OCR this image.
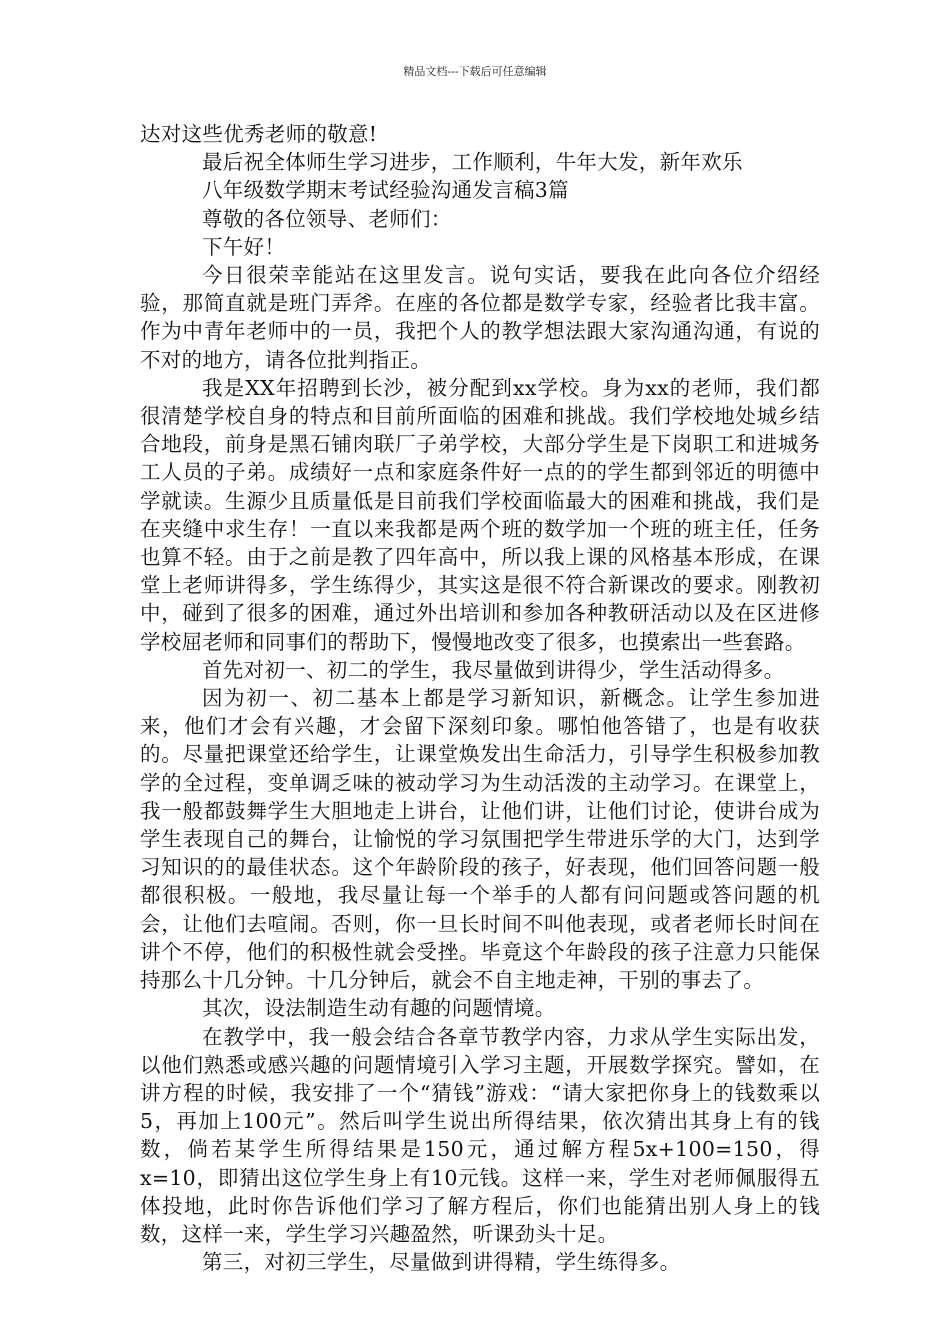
精品文档---下载后可任意编辑

达对这些优秀老师的敬意!

最后祝全体师生学习进步，工作顺利，牛年大发，新年欢乐

八年级数学期末考试经验沟通发言稿3篇

尊敬的各位领导、老师们：

下午好！

今日很荣幸能站在这里发言。说句实话，要我在此向各位介绍经验，那简直就是班门弄斧。在座的各位都是数学专家，经验者比我丰富。作为中青年老师中的一员，我把个人的教学想法跟大家沟通沟通，有说的不对的地方，请各位批判指正。

我是XX年招聘到长沙，被分配到xx学校。身为xx的老师，我们都很清楚学校自身的特点和目前所面临的困难和挑战。我们学校地处城乡结合地段，前身是黑石铺肉联厂子弟学校，大部分学生是下岗职工和进城务工人员的子弟。成绩好一点和家庭条件好一点的的学生都到邻近的明德中学就读。生源少且质量低是目前我们学校面临最大的困难和挑战，我们是在夹缝中求生存！一直以来我都是两个班的数学加一个班的班主任，任务也算不轻。由于之前是教了四年高中，所以我上课的风格基本形成，在课堂上老师讲得多，学生练得少，其实这是很不符合新课改的要求。刚教初中，碰到了很多的困难，通过外出培训和参加各种教研活动以及在区进修学校屈老师和同事们的帮助下，慢慢地改变了很多，也摸索出一些套路。

首先对初一、初二的学生，我尽量做到讲得少，学生活动得多。

因为初一、初二基本上都是学习新知识，新概念。让学生参加进来，他们才会有兴趣，才会留下深刻印象。哪怕他答错了，也是有收获的。尽量把课堂还给学生，让课堂焕发出生命活力，引导学生积极参加教学的全过程，变单调乏味的被动学习为生动活泼的主动学习。在课堂上，我一般都鼓舞学生大胆地走上讲台，让他们讲，让他们讨论，使讲台成为学生表现自己的舞台，让愉悦的学习氛围把学生带进乐学的大门，达到学习知识的的最佳状态。这个年龄阶段的孩子，好表现，他们回答问题一般都很积极。一般地，我尽量让每一个举手的人都有问问题或答问题的机会，让他们去喧闹。否则，你一旦长时间不叫他表现，或者老师长时间在讲个不停，他们的积极性就会受挫。毕竟这个年龄段的孩子注意力只能保持那么十几分钟。十几分钟后，就会不自主地走神，干别的事去了。

其次，设法制造生动有趣的问题情境。

在教学中，我一般会结合各章节教学内容，力求从学生实际出发，以他们熟悉或感兴趣的问题情境引入学习主题，开展数学探究。譬如，在讲方程的时候，我安排了一个“猜钱”游戏：“请大家把你身上的钱数乘以5，再加上100元”。然后叫学生说出所得结果，依次猜出其身上有的钱数，倘若某学生所得结果是150元，通过解方程5x+100=150，得x=10，即猜出这位学生身上有10元钱。这样一来，学生对老师佩服得五体投地，此时你告诉他们学习了解方程后，你们也能猜出别人身上的钱数，这样一来，学生学习兴趣盈然，听课劲头十足。

第三，对初三学生，尽量做到讲得精，学生练得多。
